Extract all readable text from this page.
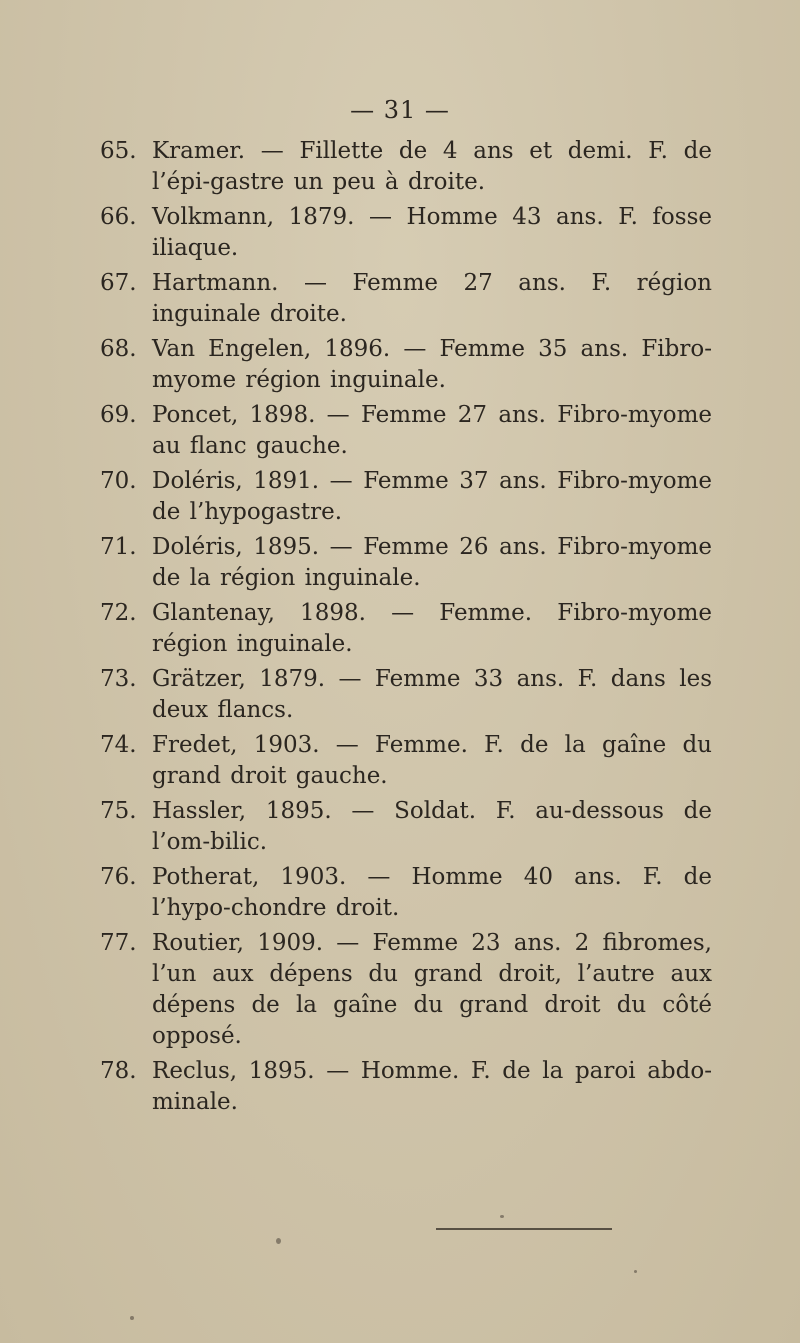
— 31 —
65. Kramer. — Fillette de 4 ans et demi. F. de l’épi-gastre un peu à droite.
66. Volkmann, 1879. — Homme 43 ans. F. fosse iliaque.
67. Hartmann. — Femme 27 ans. F. région inguinale droite.
68. Van Engelen, 1896. — Femme 35 ans. Fibro-myome région inguinale.
69. Poncet, 1898. — Femme 27 ans. Fibro-myome au flanc gauche.
70. Doléris, 1891. — Femme 37 ans. Fibro-myome de l’hypogastre.
71. Doléris, 1895. — Femme 26 ans. Fibro-myome de la région inguinale.
72. Glantenay, 1898. — Femme. Fibro-myome région inguinale.
73. Grätzer, 1879. — Femme 33 ans. F. dans les deux flancs.
74. Fredet, 1903. — Femme. F. de la gaîne du grand droit gauche.
75. Hassler, 1895. — Soldat. F. au-dessous de l’om-bilic.
76. Potherat, 1903. — Homme 40 ans. F. de l’hypo-chondre droit.
77. Routier, 1909. — Femme 23 ans. 2 fibromes, l’un aux dépens du grand droit, l’autre aux dépens de la gaîne du grand droit du côté opposé.
78. Reclus, 1895. — Homme. F. de la paroi abdo-minale.
